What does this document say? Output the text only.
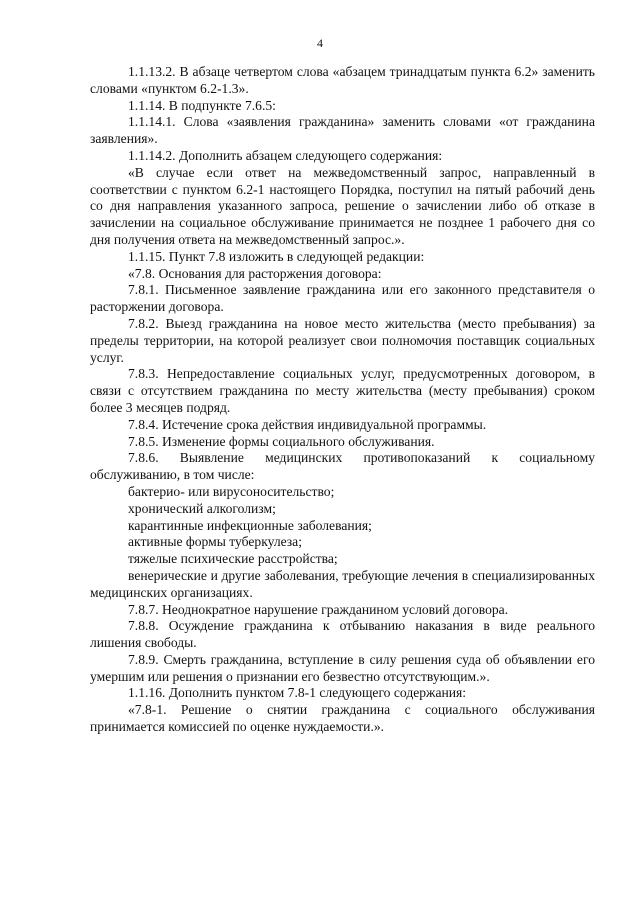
4

1.1.13.2. В абзаце четвертом слова «абзацем тринадцатым пункта 6.2» заменить словами «пунктом 6.2-1.3».

1.1.14. В подпункте 7.6.5:

1.1.14.1. Слова «заявления гражданина» заменить словами «от гражданина заявления».

1.1.14.2. Дополнить абзацем следующего содержания:

«В случае если ответ на межведомственный запрос, направленный в соответствии с пунктом 6.2-1 настоящего Порядка, поступил на пятый рабочий день со дня направления указанного запроса, решение о зачислении либо об отказе в зачислении на социальное обслуживание принимается не позднее 1 рабочего дня со дня получения ответа на межведомственный запрос.».

1.1.15. Пункт 7.8 изложить в следующей редакции:

«7.8. Основания для расторжения договора:

7.8.1. Письменное заявление гражданина или его законного представителя о расторжении договора.

7.8.2. Выезд гражданина на новое место жительства (место пребывания) за пределы территории, на которой реализует свои полномочия поставщик социальных услуг.

7.8.3. Непредоставление социальных услуг, предусмотренных договором, в связи с отсутствием гражданина по месту жительства (месту пребывания) сроком более 3 месяцев подряд.

7.8.4. Истечение срока действия индивидуальной программы.

7.8.5. Изменение формы социального обслуживания.

7.8.6. Выявление медицинских противопоказаний к социальному обслуживанию, в том числе:

бактерио- или вирусоносительство;

хронический алкоголизм;

карантинные инфекционные заболевания;

активные формы туберкулеза;

тяжелые психические расстройства;

венерические и другие заболевания, требующие лечения в специализированных медицинских организациях.

7.8.7. Неоднократное нарушение гражданином условий договора.

7.8.8. Осуждение гражданина к отбыванию наказания в виде реального лишения свободы.

7.8.9. Смерть гражданина, вступление в силу решения суда об объявлении его умершим или решения о признании его безвестно отсутствующим.».

1.1.16. Дополнить пунктом 7.8-1 следующего содержания:

«7.8-1. Решение о снятии гражданина с социального обслуживания принимается комиссией по оценке нуждаемости.».
